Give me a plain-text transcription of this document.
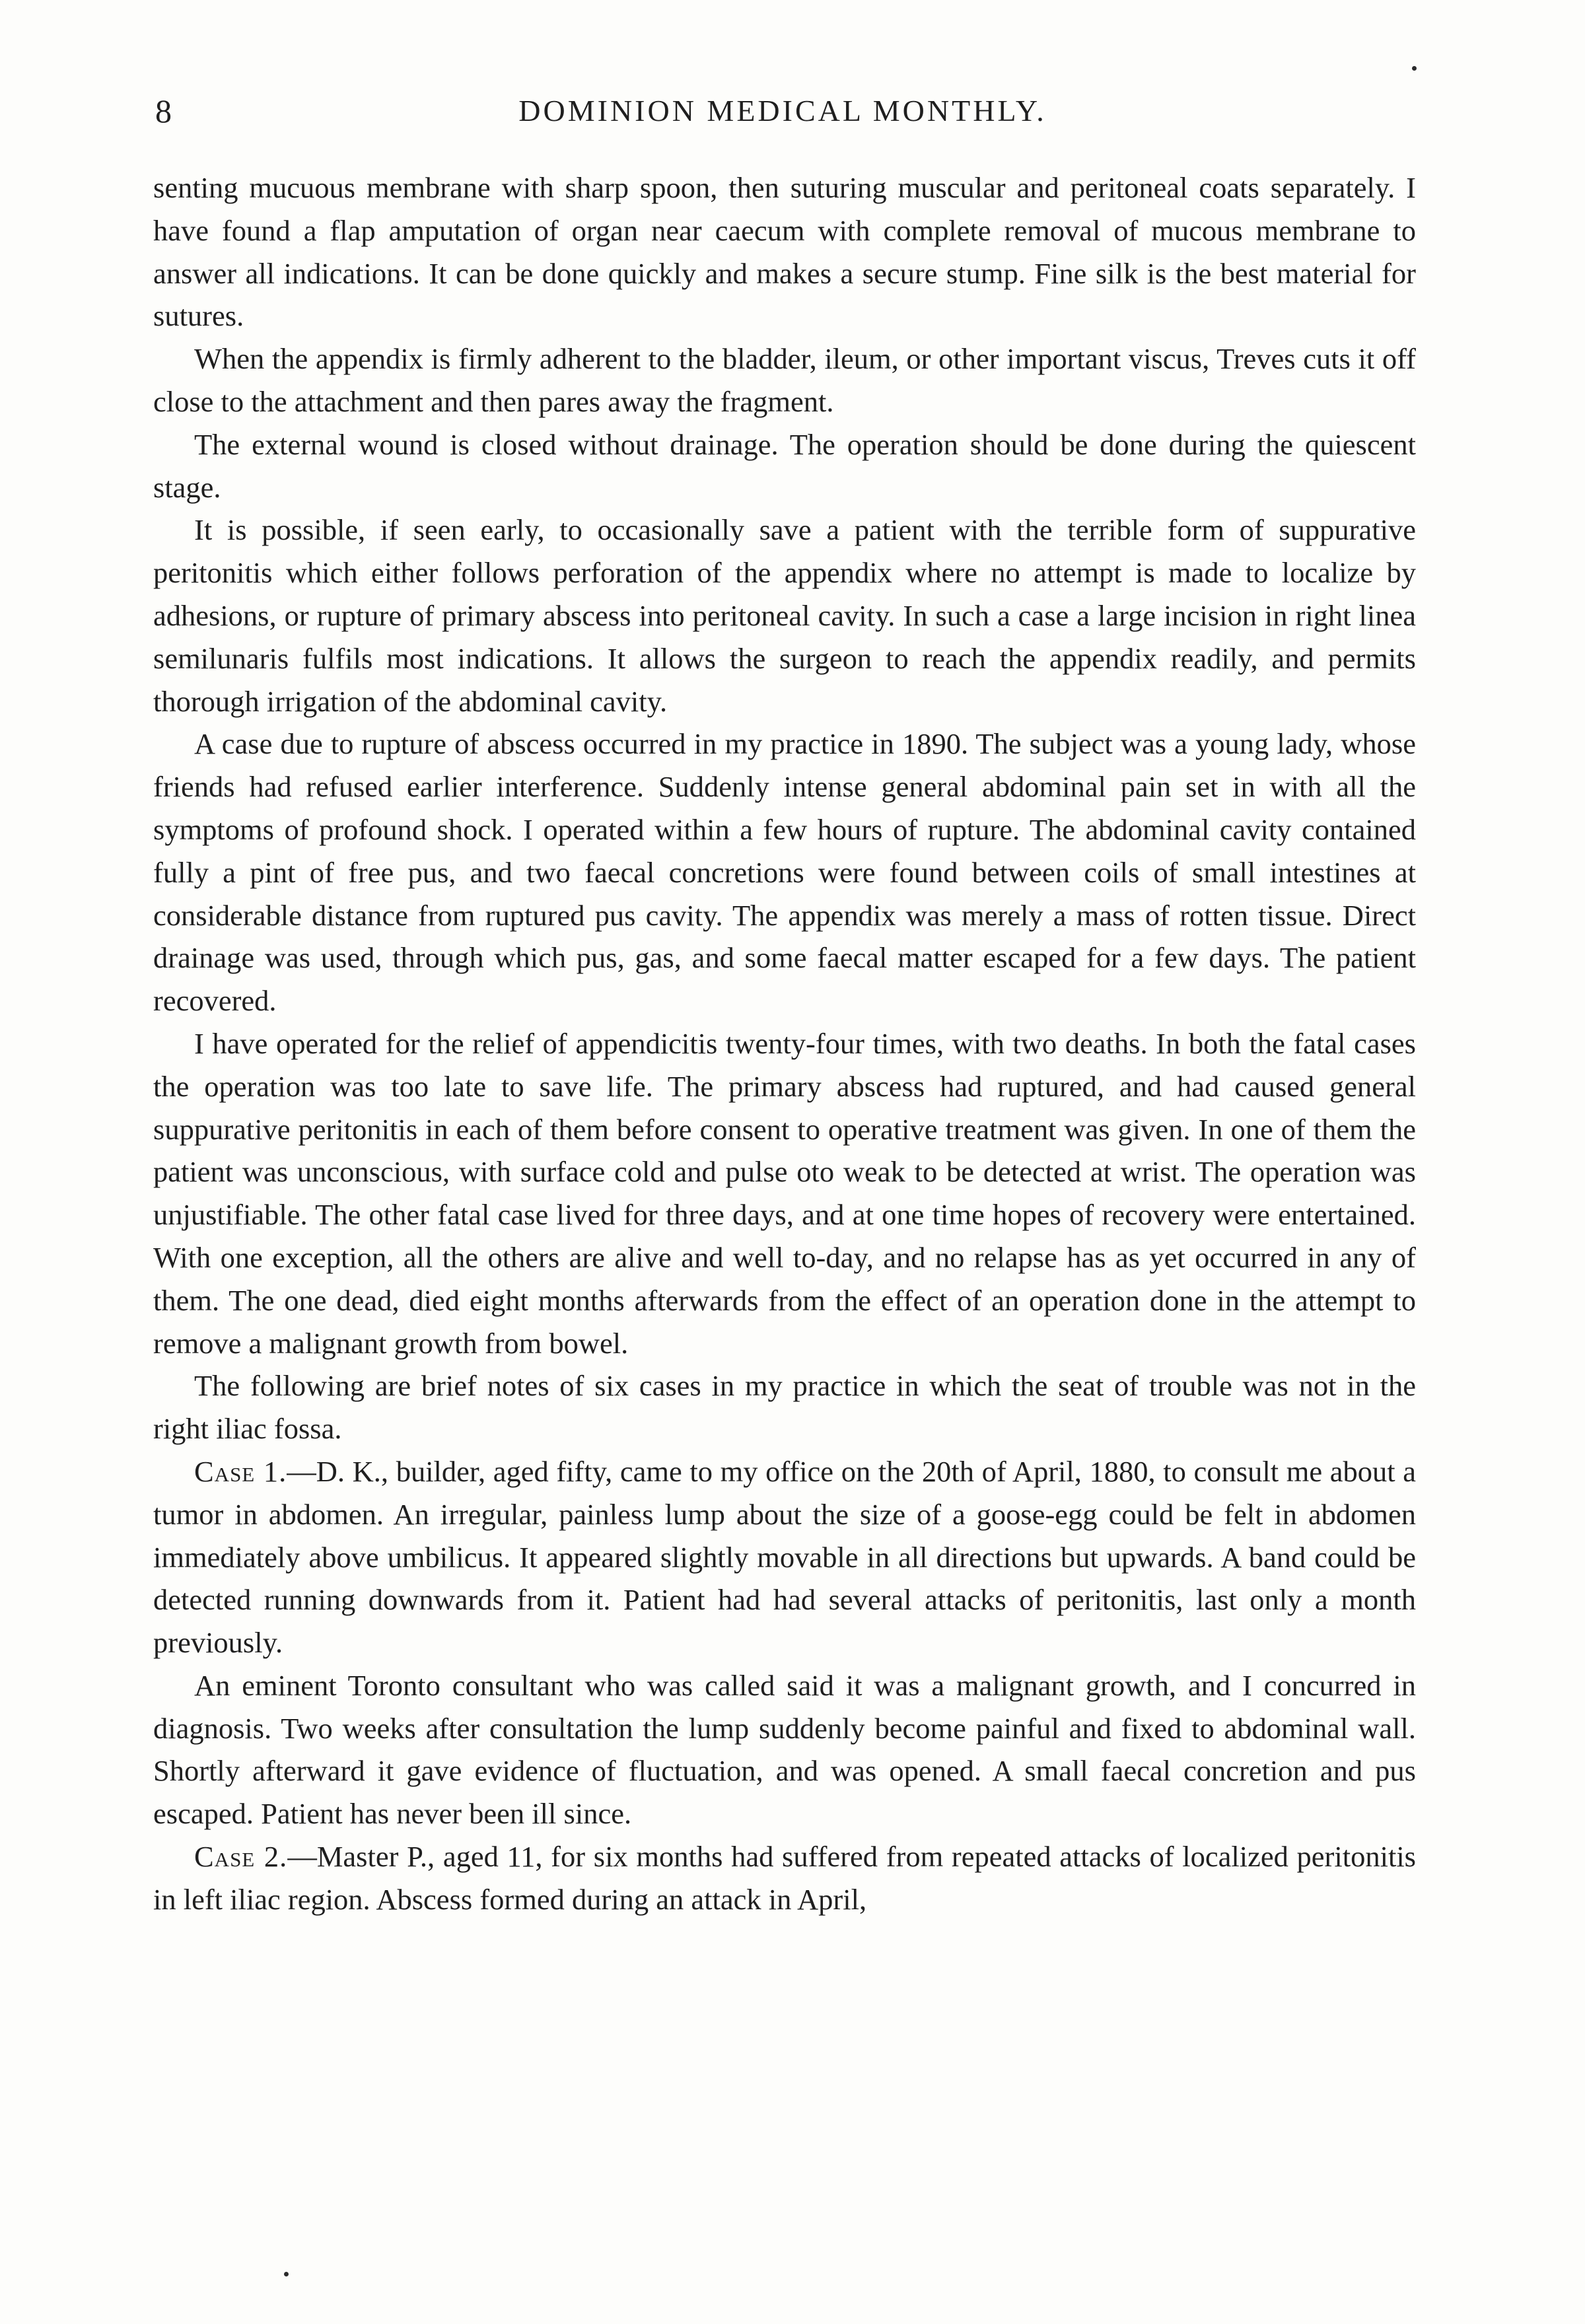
8	DOMINION MEDICAL MONTHLY.

senting mucuous membrane with sharp spoon, then suturing muscular and peritoneal coats separately. I have found a flap amputation of organ near caecum with complete removal of mucous membrane to answer all indications. It can be done quickly and makes a secure stump. Fine silk is the best material for sutures.

When the appendix is firmly adherent to the bladder, ileum, or other important viscus, Treves cuts it off close to the attachment and then pares away the fragment.

The external wound is closed without drainage. The operation should be done during the quiescent stage.

It is possible, if seen early, to occasionally save a patient with the terrible form of suppurative peritonitis which either follows perforation of the appendix where no attempt is made to localize by adhesions, or rupture of primary abscess into peritoneal cavity. In such a case a large incision in right linea semilunaris fulfils most indications. It allows the surgeon to reach the appendix readily, and permits thorough irrigation of the abdominal cavity.

A case due to rupture of abscess occurred in my practice in 1890. The subject was a young lady, whose friends had refused earlier interference. Suddenly intense general abdominal pain set in with all the symptoms of profound shock. I operated within a few hours of rupture. The abdominal cavity contained fully a pint of free pus, and two faecal concretions were found between coils of small intestines at considerable distance from ruptured pus cavity. The appendix was merely a mass of rotten tissue. Direct drainage was used, through which pus, gas, and some faecal matter escaped for a few days. The patient recovered.

I have operated for the relief of appendicitis twenty-four times, with two deaths. In both the fatal cases the operation was too late to save life. The primary abscess had ruptured, and had caused general suppurative peritonitis in each of them before consent to operative treatment was given. In one of them the patient was unconscious, with surface cold and pulse oto weak to be detected at wrist. The operation was unjustifiable. The other fatal case lived for three days, and at one time hopes of recovery were entertained. With one exception, all the others are alive and well to-day, and no relapse has as yet occurred in any of them. The one dead, died eight months afterwards from the effect of an operation done in the attempt to remove a malignant growth from bowel.

The following are brief notes of six cases in my practice in which the seat of trouble was not in the right iliac fossa.

Case 1.—D. K., builder, aged fifty, came to my office on the 20th of April, 1880, to consult me about a tumor in abdomen. An irregular, painless lump about the size of a goose-egg could be felt in abdomen immediately above umbilicus. It appeared slightly movable in all directions but upwards. A band could be detected running downwards from it. Patient had had several attacks of peritonitis, last only a month previously.

An eminent Toronto consultant who was called said it was a malignant growth, and I concurred in diagnosis. Two weeks after consultation the lump suddenly become painful and fixed to abdominal wall. Shortly afterward it gave evidence of fluctuation, and was opened. A small faecal concretion and pus escaped. Patient has never been ill since.

Case 2.—Master P., aged 11, for six months had suffered from repeated attacks of localized peritonitis in left iliac region. Abscess formed during an attack in April,
